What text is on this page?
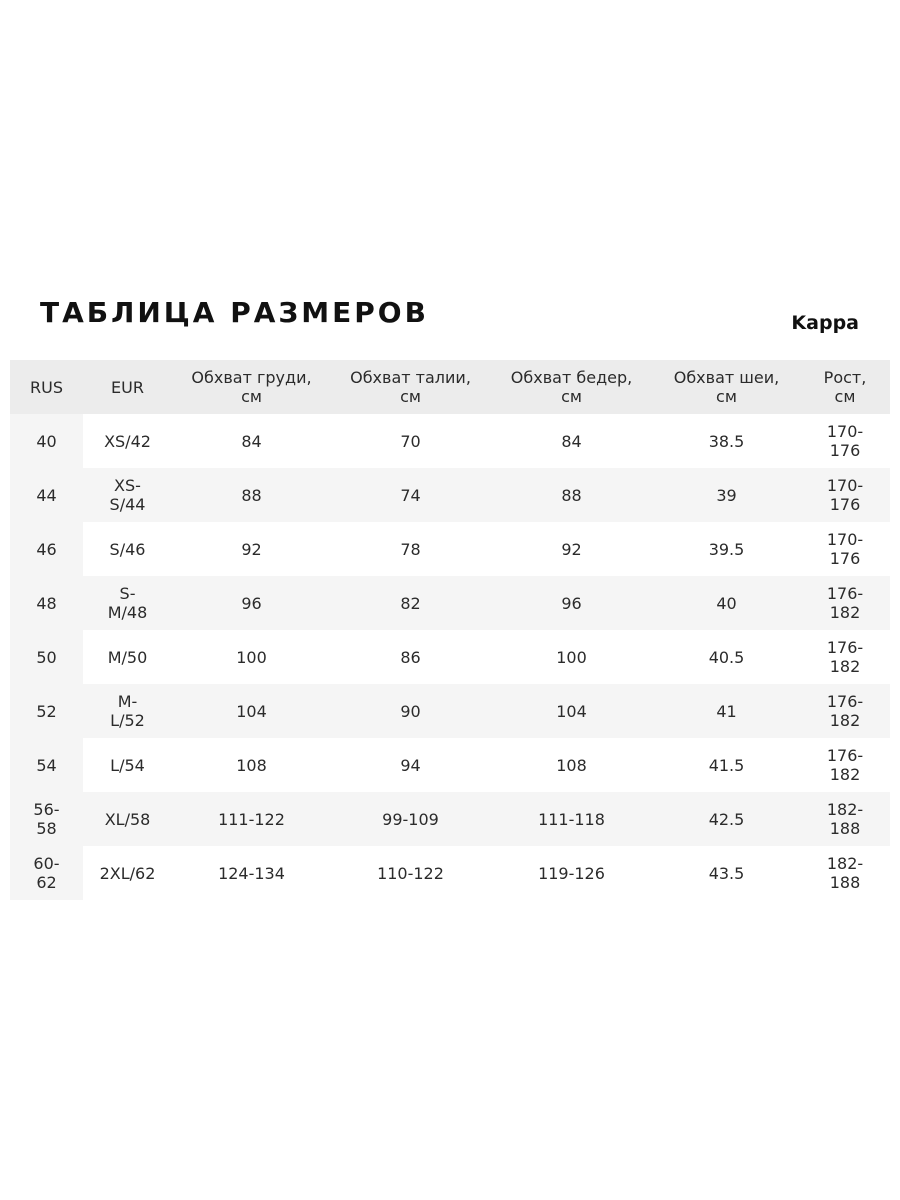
ТАБЛИЦА РАЗМЕРОВ	Kappa
RUS	EUR	Обхват груди,
см	Обхват талии,
см	Обхват бедер,
см	Обхват шеи,
см	Рост,
см
40	XS/42	84	70	84	38.5	170-
176
44	XS-
S/44	88	74	88	39	170-
176
46	S/46	92	78	92	39.5	170-
176
48	S-
M/48	96	82	96	40	176-
182
50	M/50	100	86	100	40.5	176-
182
52	M-
L/52	104	90	104	41	176-
182
54	L/54	108	94	108	41.5	176-
182
56-
58	XL/58	111-122	99-109	111-118	42.5	182-
188
60-
62	2XL/62	124-134	110-122	119-126	43.5	182-
188
